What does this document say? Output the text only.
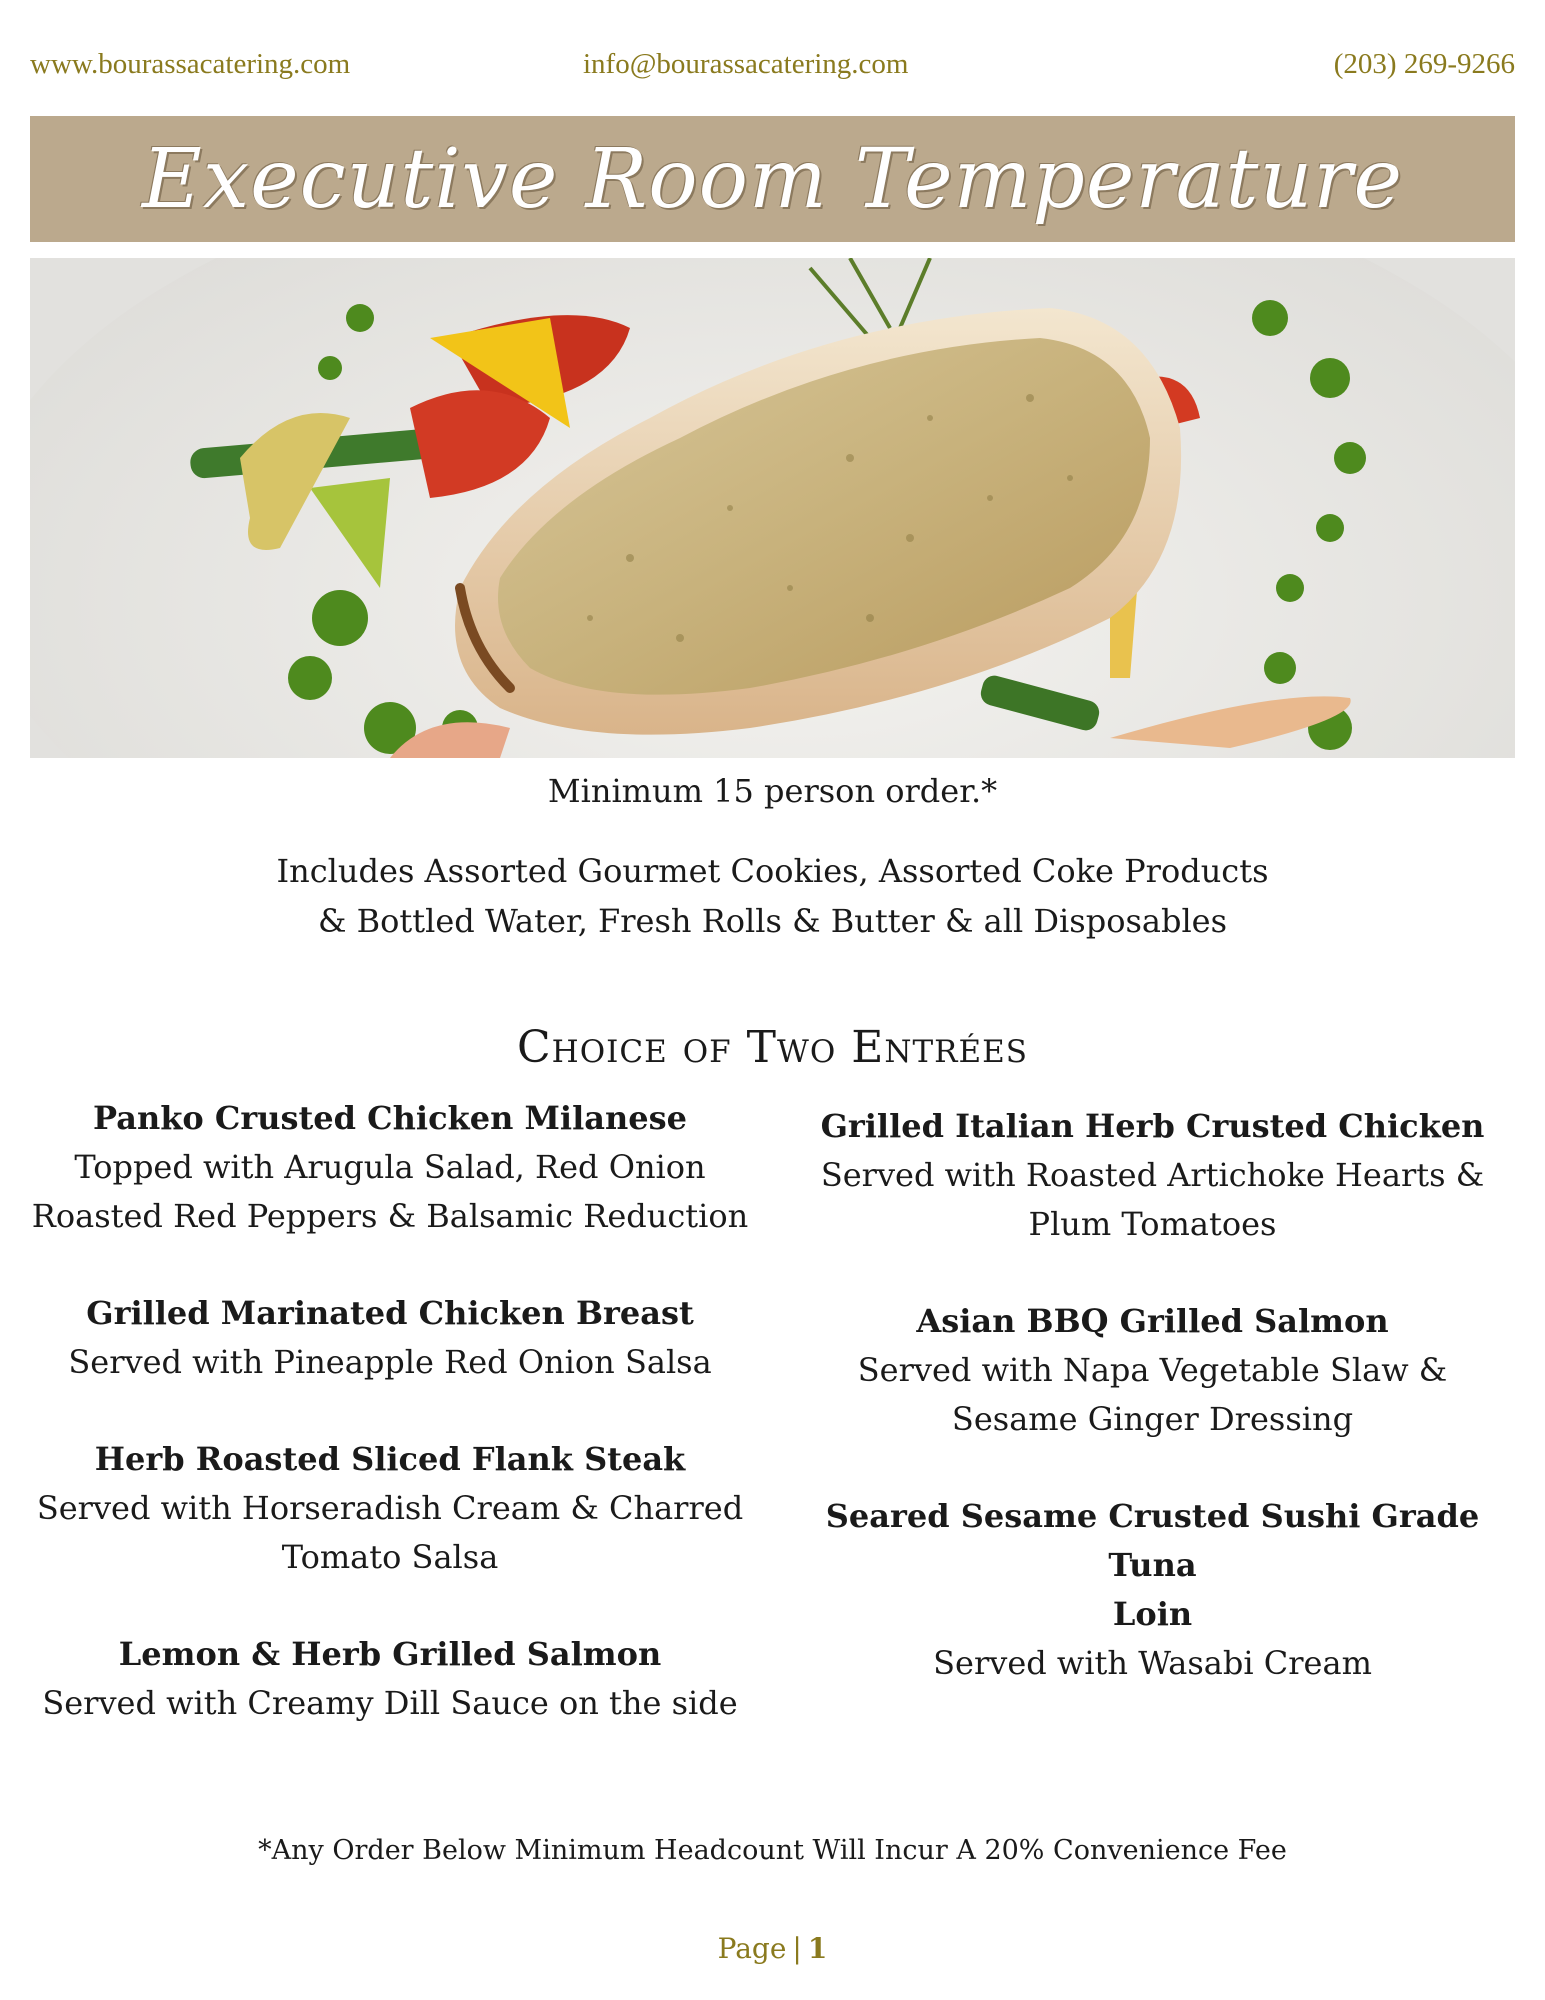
www.bourassacatering.com	info@bourassacatering.com	(203) 269-9266
Executive Room Temperature
Minimum 15 person order.*
Includes Assorted Gourmet Cookies, Assorted Coke Products
& Bottled Water, Fresh Rolls & Butter & all Disposables
Choice of Two Entrées
Panko Crusted Chicken Milanese
Topped with Arugula Salad, Red Onion
Roasted Red Peppers & Balsamic Reduction
Grilled Marinated Chicken Breast
Served with Pineapple Red Onion Salsa
Herb Roasted Sliced Flank Steak
Served with Horseradish Cream & Charred
Tomato Salsa
Lemon & Herb Grilled Salmon
Served with Creamy Dill Sauce on the side
Grilled Italian Herb Crusted Chicken
Served with Roasted Artichoke Hearts &
Plum Tomatoes
Asian BBQ Grilled Salmon
Served with Napa Vegetable Slaw &
Sesame Ginger Dressing
Seared Sesame Crusted Sushi Grade Tuna
Loin
Served with Wasabi Cream
*Any Order Below Minimum Headcount Will Incur A 20% Convenience Fee
Page | 1
